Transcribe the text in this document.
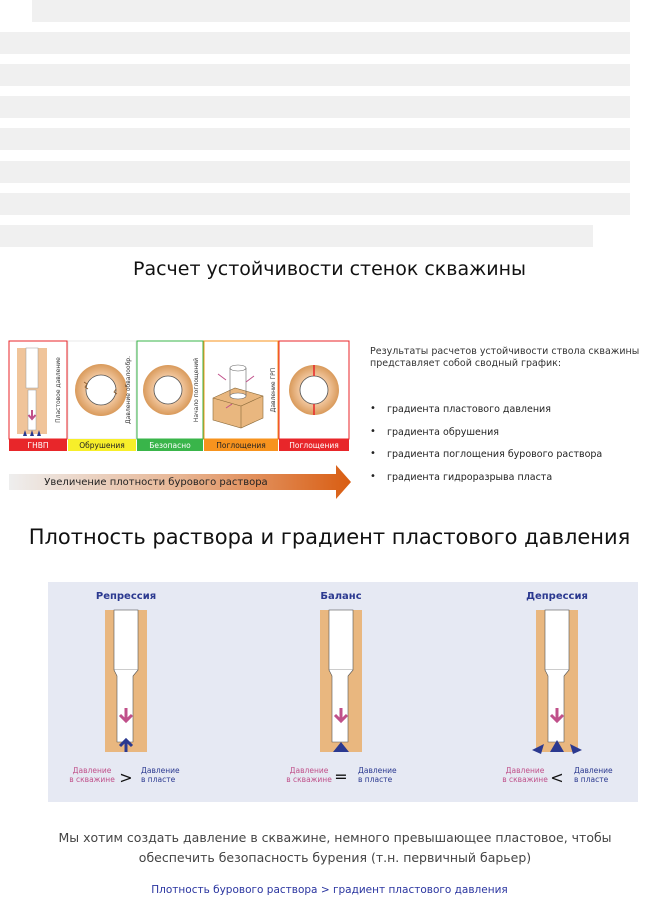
Расчет устойчивости стенок скважины
Пластовое давление	Давление обвалообр.	Начало поглощений	Давление ГРП
ГНВП	Обрушения	Безопасно	Поглощения	Поглощения
Увеличение плотности бурового раствора
Результаты расчетов устойчивости ствола скважины представляет собой сводный график:
• градиента пластового давления
• градиента обрушения
• градиента поглощения бурового раствора
• градиента гидроразрыва пласта
Плотность раствора и градиент пластового давления
Репрессия
Давление
в скважине > Давление
в пласте
Баланс
Давление
в скважине = Давление
в пласте
Депрессия
Давление
в скважине < Давление
в пласте
Мы хотим создать давление в скважине, немного превышающее пластовое, чтобы обеспечить безопасность бурения (т.н. первичный барьер)
Плотность бурового раствора > градиент пластового давления
